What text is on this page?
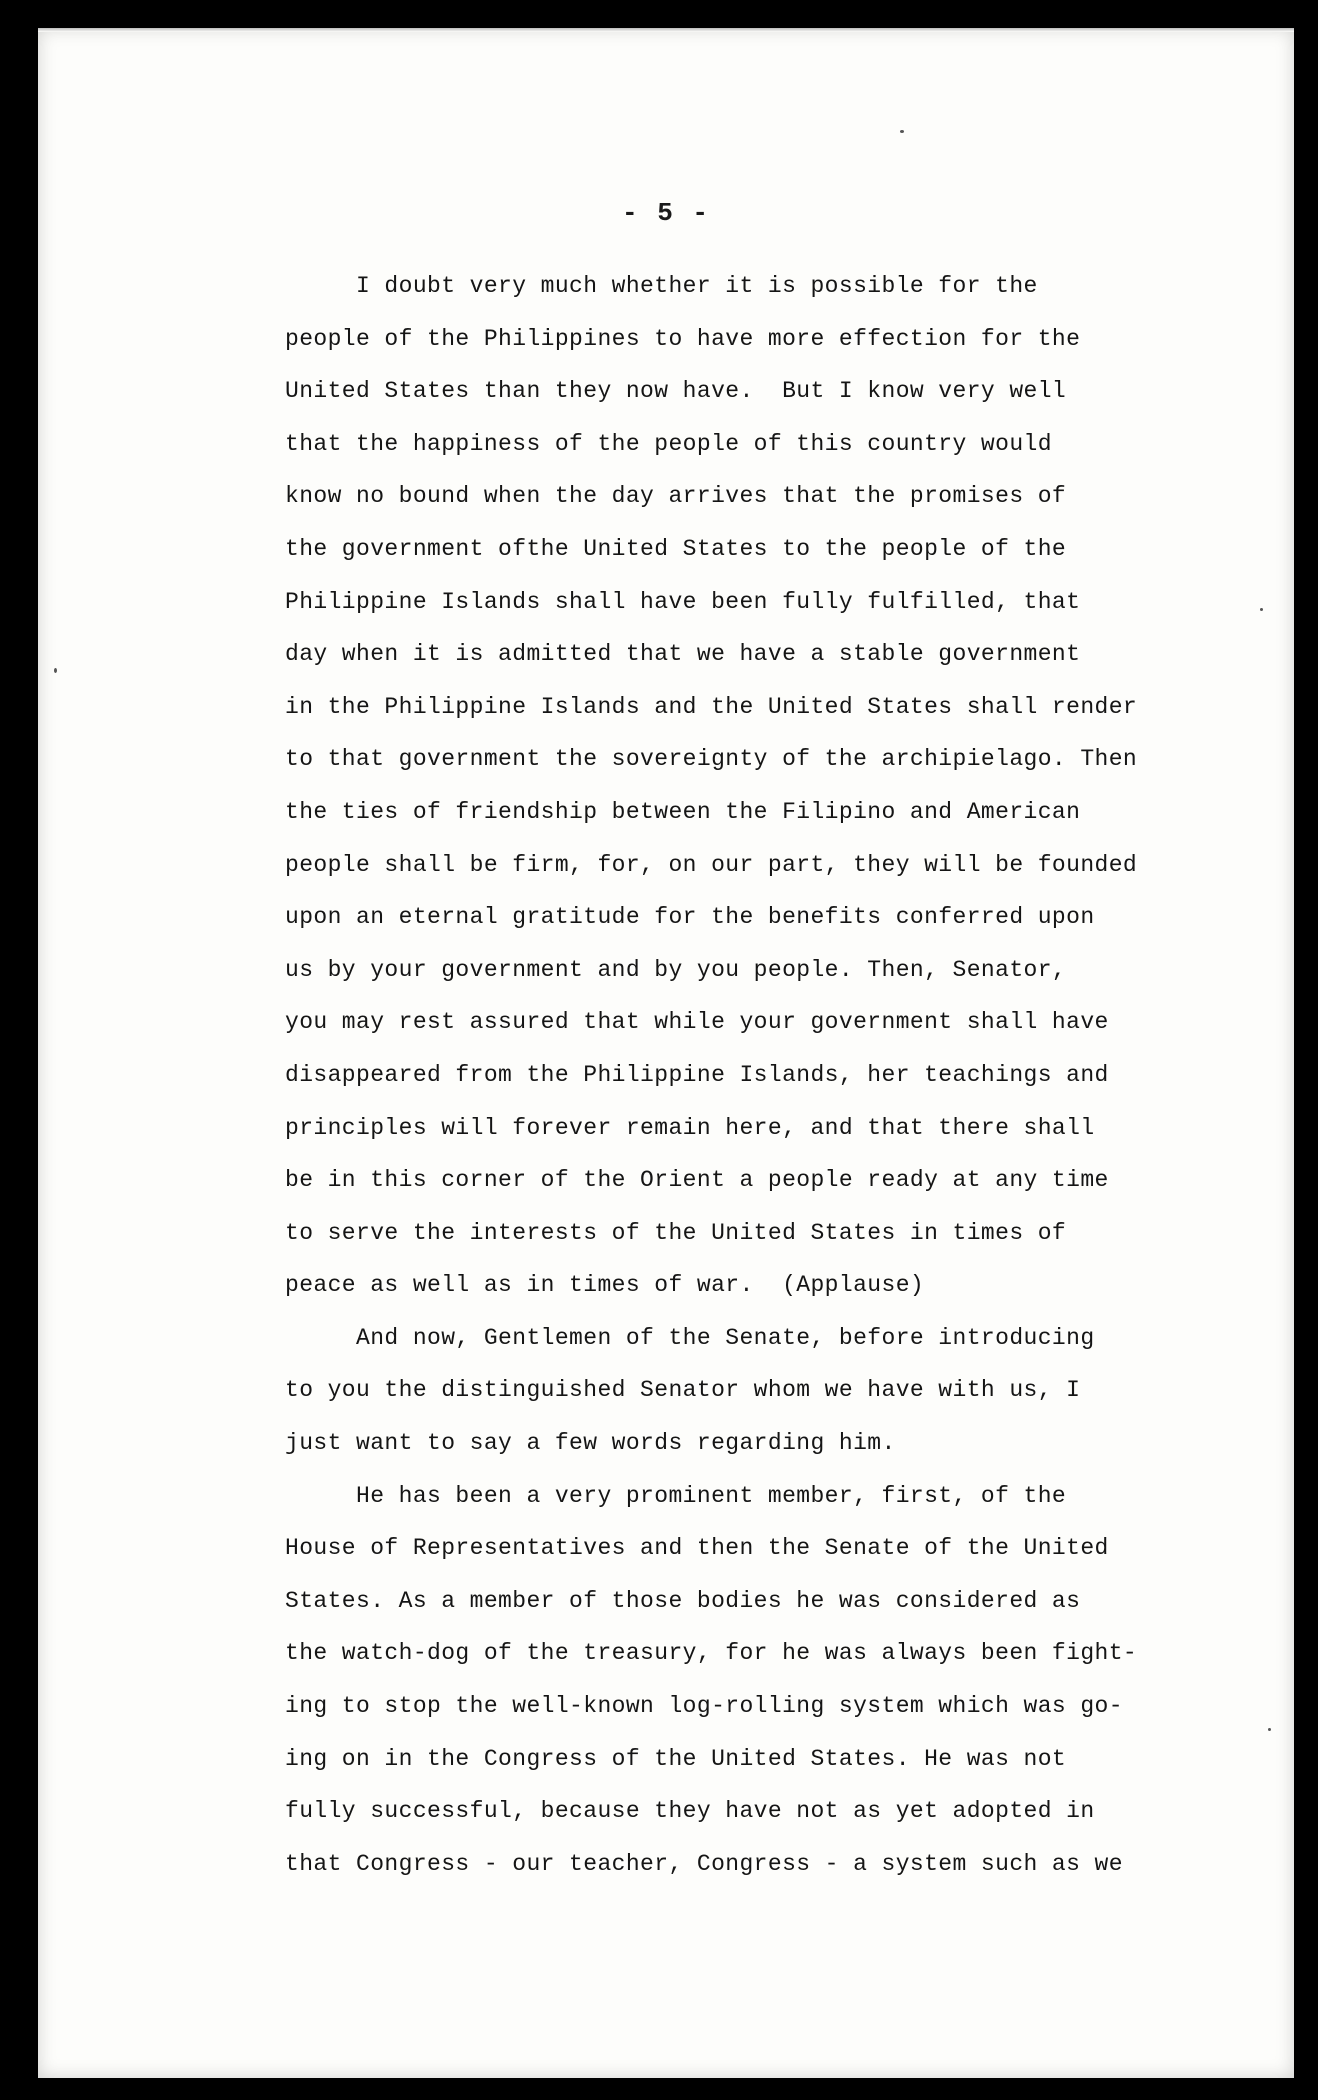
- 5 -
I doubt very much whether it is possible for the
people of the Philippines to have more effection for the
United States than they now have.  But I know very well
that the happiness of the people of this country would
know no bound when the day arrives that the promises of
the government ofthe United States to the people of the
Philippine Islands shall have been fully fulfilled, that
day when it is admitted that we have a stable government
in the Philippine Islands and the United States shall render
to that government the sovereignty of the archipielago. Then
the ties of friendship between the Filipino and American
people shall be firm, for, on our part, they will be founded
upon an eternal gratitude for the benefits conferred upon
us by your government and by you people. Then, Senator,
you may rest assured that while your government shall have
disappeared from the Philippine Islands, her teachings and
principles will forever remain here, and that there shall
be in this corner of the Orient a people ready at any time
to serve the interests of the United States in times of
peace as well as in times of war.  (Applause)
And now, Gentlemen of the Senate, before introducing
to you the distinguished Senator whom we have with us, I
just want to say a few words regarding him.
He has been a very prominent member, first, of the
House of Representatives and then the Senate of the United
States. As a member of those bodies he was considered as
the watch-dog of the treasury, for he was always been fight-
ing to stop the well-known log-rolling system which was go-
ing on in the Congress of the United States. He was not
fully successful, because they have not as yet adopted in
that Congress - our teacher, Congress - a system such as we
